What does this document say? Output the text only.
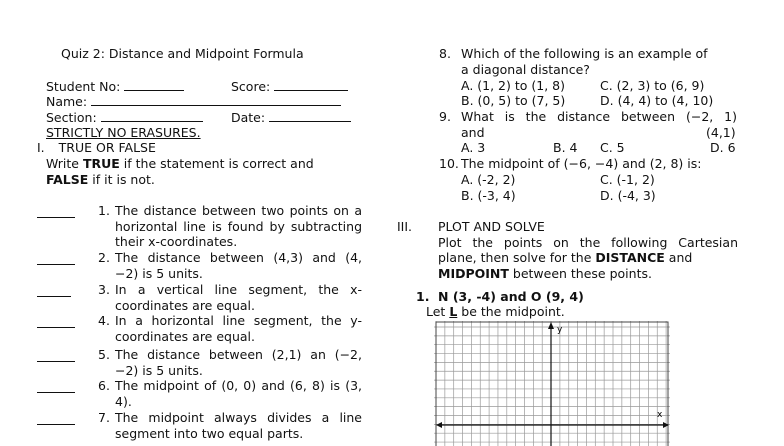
Quiz 2: Distance and Midpoint Formula
Student No:	Score:
Name:
Section:	Date:
STRICTLY NO ERASURES.
I. TRUE OR FALSE
Write TRUE if the statement is correct and
FALSE if it is not.
1. The distance between two points on a horizontal line is found by subtracting their x-coordinates.
2. The distance between (4,3) and (4, −2) is 5 units.
3. In a vertical line segment, the x-coordinates are equal.
4. In a horizontal line segment, the y-coordinates are equal.
5. The distance between (2,1) an (−2, −2) is 5 units.
6. The midpoint of (0, 0) and (6, 8) is (3, 4).
7. The midpoint always divides a line segment into two equal parts.
8. Which of the following is an example of
a diagonal distance?
A. (1, 2) to (1, 8)	C. (2, 3) to (6, 9)
B. (0, 5) to (7, 5)	D. (4, 4) to (4, 10)
9. What is the distance between (−2, 1)
and	(4,1)
A. 3	B. 4 C. 5	D. 6
10. The midpoint of (−6, −4) and (2, 8) is:
A. (-2, 2)	C. (-1, 2)
B. (-3, 4)	D. (-4, 3)
III. PLOT AND SOLVE
Plot the points on the following Cartesian
plane, then solve for the DISTANCE and
MIDPOINT between these points.
1. N (3, -4) and O (9, 4)
Let L be the midpoint.
y
x
